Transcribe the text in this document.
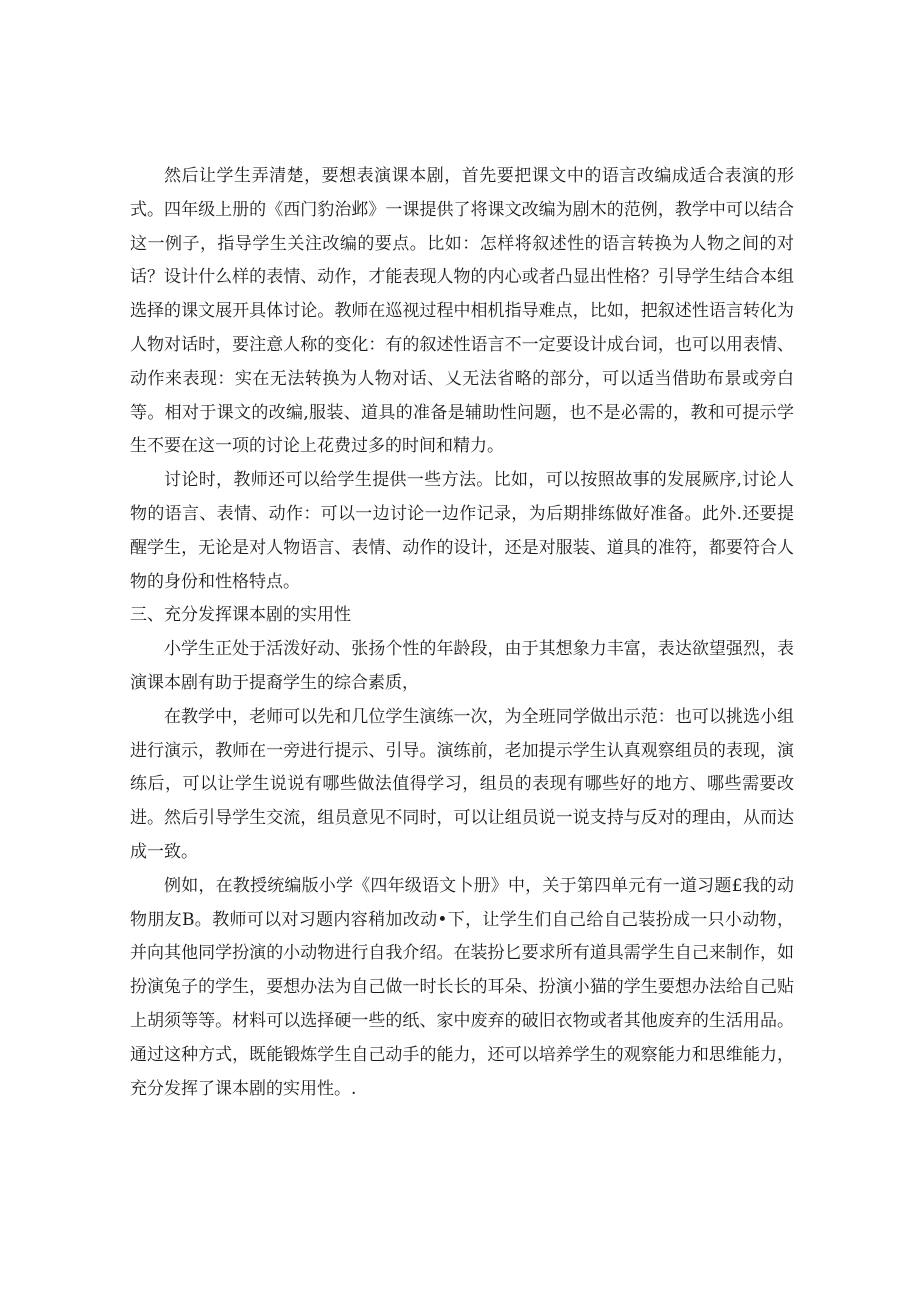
然后让学生弄清楚，要想表演课本剧，首先要把课文中的语言改编成适合表演的形式。四年级上册的《西门豹治邺》一课提供了将课文改编为剧木的范例，教学中可以结合这一例子，指导学生关注改编的要点。比如：怎样将叙述性的语言转换为人物之间的对话？设计什么样的表情、动作，才能表现人物的内心或者凸显出性格？引导学生结合本组选择的课文展开具体讨论。教师在巡视过程中相机指导难点，比如，把叙述性语言转化为人物对话时，要注意人称的变化：有的叙述性语言不一定要设计成台词，也可以用表情、动作来表现：实在无法转换为人物对话、乂无法省略的部分，可以适当借助布景或旁白等。相对于课文的改编,服装、道具的准备是辅助性问题，也不是必需的，教和可提示学生不要在这一项的讨论上花费过多的时间和精力。

讨论时，教师还可以给学生提供一些方法。比如，可以按照故事的发展厥序,讨论人物的语言、表情、动作：可以一边讨论一边作记录，为后期排练做好准备。此外.还要提醒学生，无论是对人物语言、表情、动作的设计，还是对服装、道具的准符，都要符合人物的身份和性格特点。

三、充分发挥课本剧的实用性

小学生正处于活泼好动、张扬个性的年龄段，由于其想象力丰富，表达欲望强烈，表演课本剧有助于提裔学生的综合素质，

在教学中，老师可以先和几位学生演练一次，为全班同学做出示范：也可以挑选小组进行演示，教师在一旁进行提示、引导。演练前，老加提示学生认真观察组员的表现，演练后，可以让学生说说有哪些做法值得学习，组员的表现有哪些好的地方、哪些需要改进。然后引导学生交流，组员意见不同时，可以让组员说一说支持与反对的理由，从而达成一致。

例如，在教授统编版小学《四年级语文卜册》中，关于第四单元有一道习题£我的动物朋友B。教师可以对习题内容稍加改动•下，让学生们自己给自己装扮成一只小动物，并向其他同学扮演的小动物进行自我介绍。在装扮匕要求所有道具需学生自己来制作，如扮演兔子的学生，要想办法为自己做一时长长的耳朵、扮演小猫的学生要想办法给自己贴上胡须等等。材料可以选择硬一些的纸、家中废弃的破旧衣物或者其他废弃的生活用品。通过这种方式，既能锻炼学生自己动手的能力，还可以培养学生的观察能力和思维能力，充分发挥了课本剧的实用性。.
